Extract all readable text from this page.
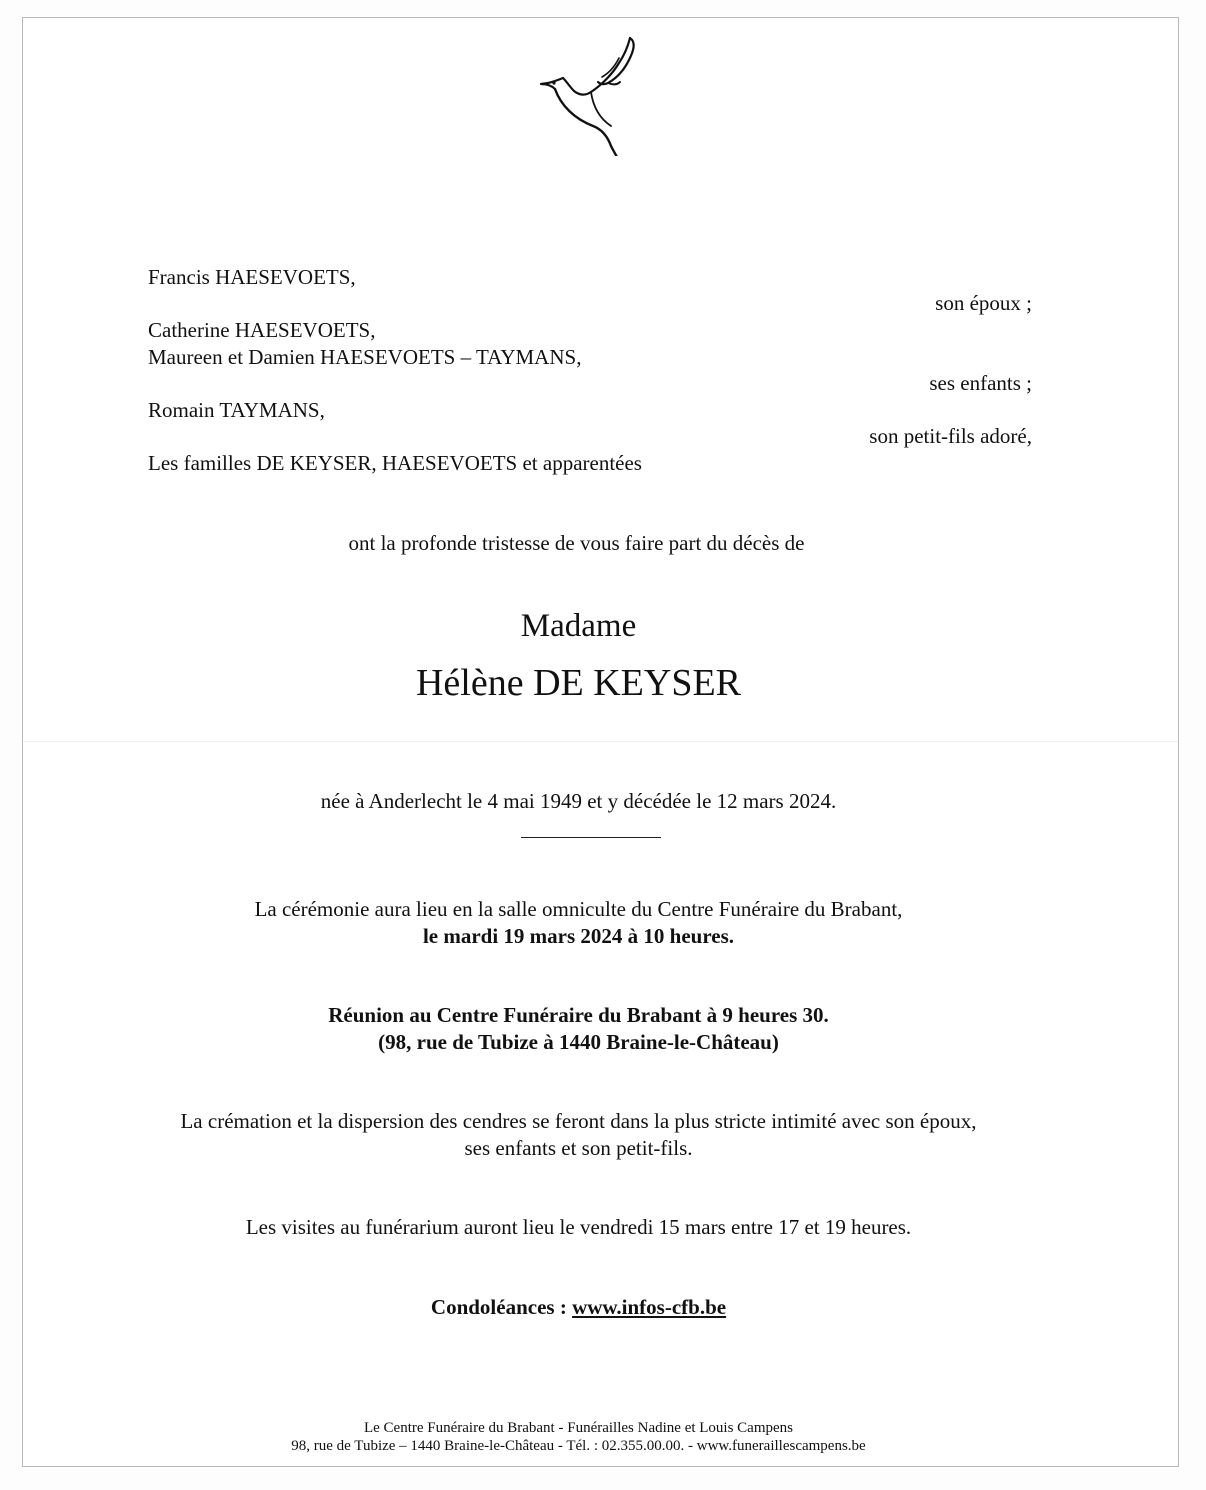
Francis HAESEVOETS,
son époux ;
Catherine HAESEVOETS,
Maureen et Damien HAESEVOETS – TAYMANS,
ses enfants ;
Romain TAYMANS,
son petit-fils adoré,
Les familles DE KEYSER, HAESEVOETS et apparentées
ont la profonde tristesse de vous faire part du décès de
Madame
Hélène DE KEYSER
née à Anderlecht le 4 mai 1949 et y décédée le 12 mars 2024.
La cérémonie aura lieu en la salle omniculte du Centre Funéraire du Brabant,
le mardi 19 mars 2024 à 10 heures.
Réunion au Centre Funéraire du Brabant à 9 heures 30.
(98, rue de Tubize à 1440 Braine-le-Château)
La crémation et la dispersion des cendres se feront dans la plus stricte intimité avec son époux,
ses enfants et son petit-fils.
Les visites au funérarium auront lieu le vendredi 15 mars entre 17 et 19 heures.
Condoléances : www.infos-cfb.be
Le Centre Funéraire du Brabant - Funérailles Nadine et Louis Campens
98, rue de Tubize – 1440 Braine-le-Château - Tél. : 02.355.00.00. - www.funeraillescampens.be
